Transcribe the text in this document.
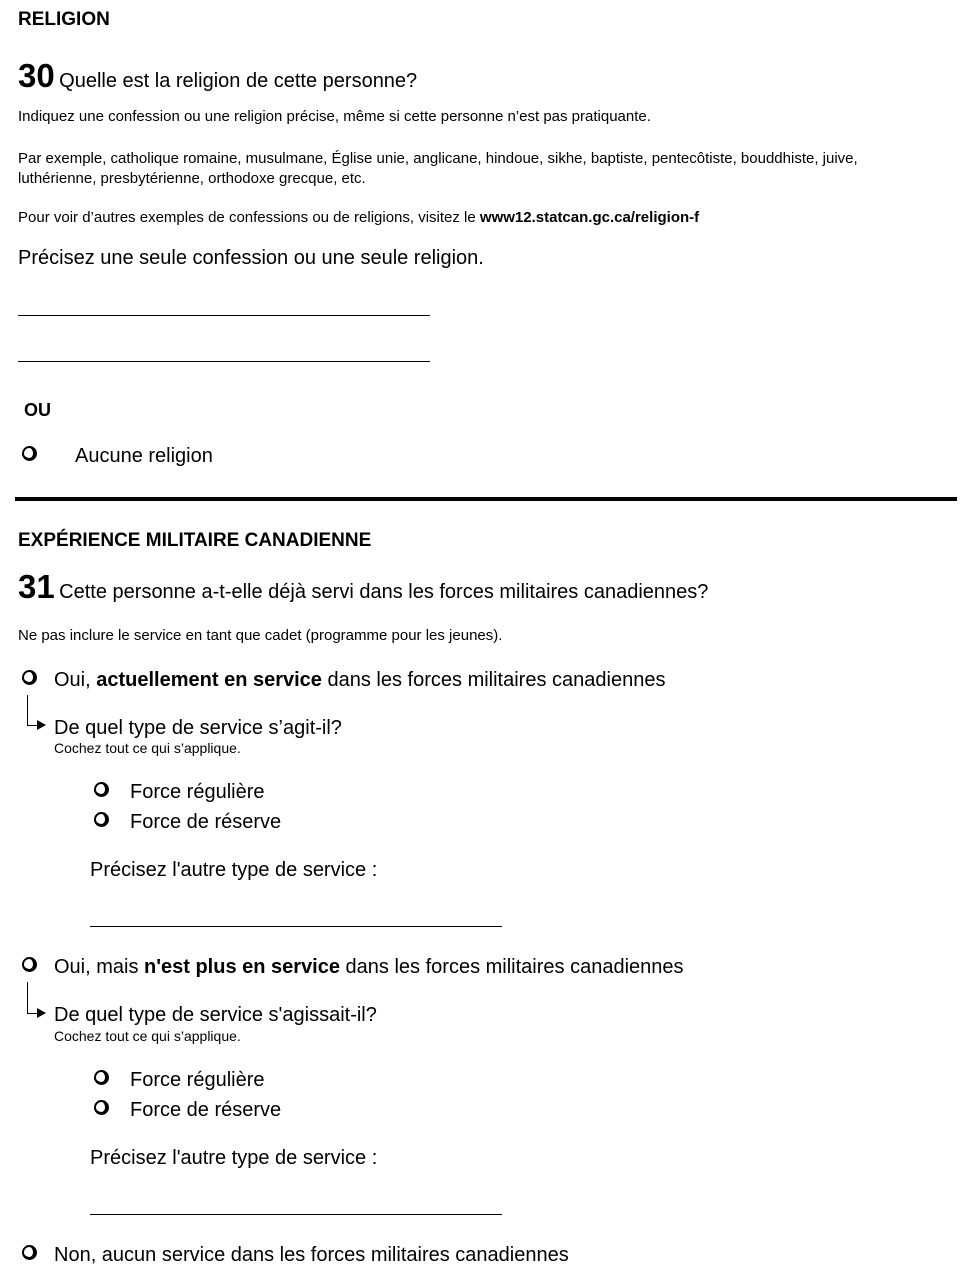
RELIGION
30 Quelle est la religion de cette personne?
Indiquez une confession ou une religion précise, même si cette personne n’est pas pratiquante.
Par exemple, catholique romaine, musulmane, Église unie, anglicane, hindoue, sikhe, baptiste, pentecôtiste, bouddhiste, juive,
luthérienne, presbytérienne, orthodoxe grecque, etc.
Pour voir d’autres exemples de confessions ou de religions, visitez le www12.statcan.gc.ca/religion-f
Précisez une seule confession ou une seule religion.
OU
Aucune religion
EXPÉRIENCE MILITAIRE CANADIENNE
31 Cette personne a-t-elle déjà servi dans les forces militaires canadiennes?
Ne pas inclure le service en tant que cadet (programme pour les jeunes).
Oui, actuellement en service dans les forces militaires canadiennes
De quel type de service s’agit-il?
Cochez tout ce qui s’applique.
Force régulière
Force de réserve
Précisez l'autre type de service :
Oui, mais n'est plus en service dans les forces militaires canadiennes
De quel type de service s'agissait-il?
Cochez tout ce qui s’applique.
Force régulière
Force de réserve
Précisez l'autre type de service :
Non, aucun service dans les forces militaires canadiennes
